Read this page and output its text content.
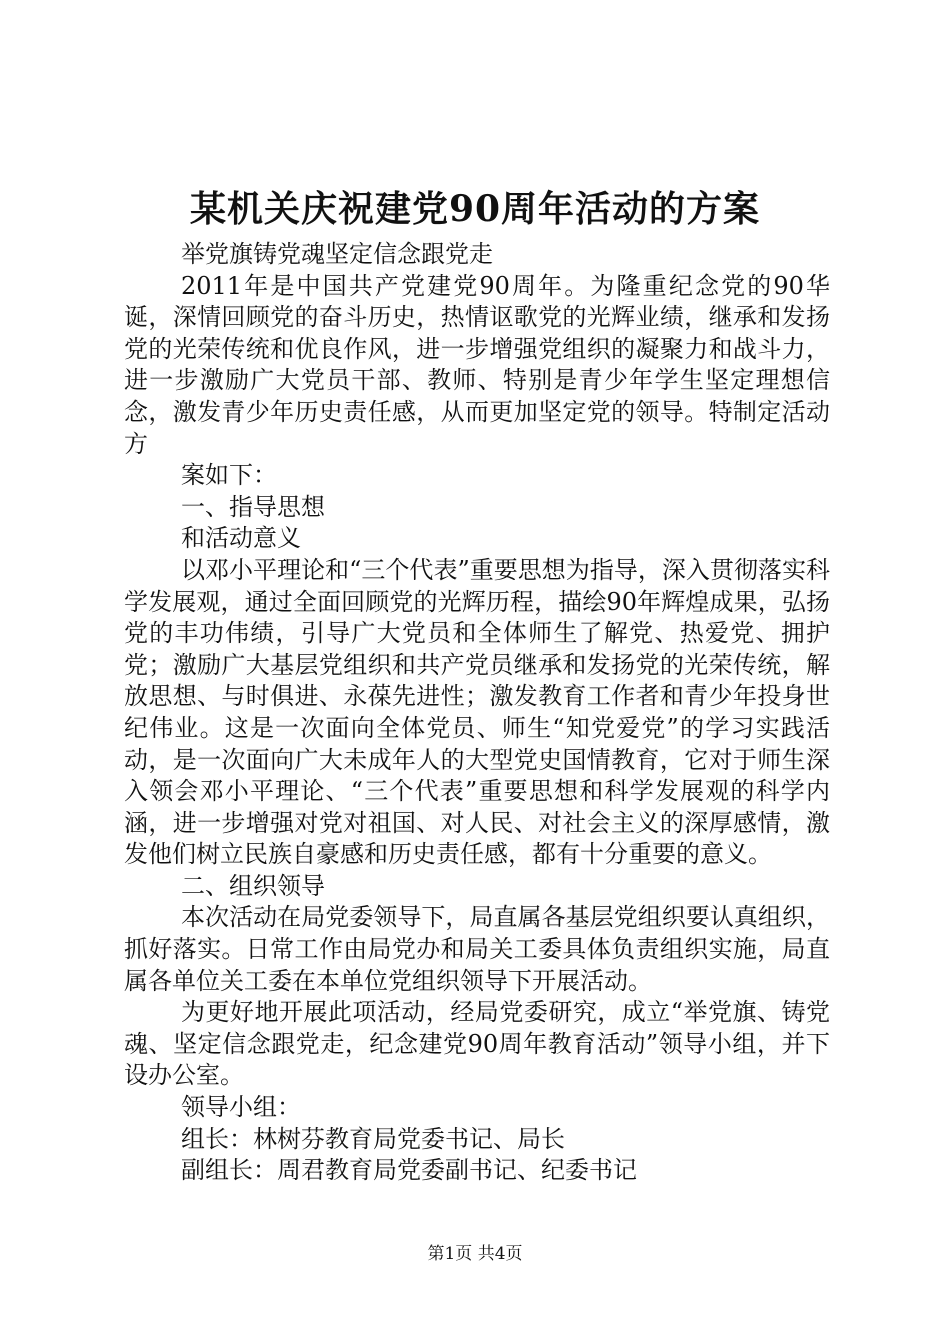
某机关庆祝建党90周年活动的方案

举党旗铸党魂坚定信念跟党走

2011年是中国共产党建党90周年。为隆重纪念党的90华诞，深情回顾党的奋斗历史，热情讴歌党的光辉业绩，继承和发扬党的光荣传统和优良作风，进一步增强党组织的凝聚力和战斗力，进一步激励广大党员干部、教师、特别是青少年学生坚定理想信念，激发青少年历史责任感，从而更加坚定党的领导。特制定活动方

案如下：

一、指导思想

和活动意义

以邓小平理论和“三个代表”重要思想为指导，深入贯彻落实科学发展观，通过全面回顾党的光辉历程，描绘90年辉煌成果，弘扬党的丰功伟绩，引导广大党员和全体师生了解党、热爱党、拥护党；激励广大基层党组织和共产党员继承和发扬党的光荣传统，解放思想、与时俱进、永葆先进性；激发教育工作者和青少年投身世纪伟业。这是一次面向全体党员、师生“知党爱党”的学习实践活动，是一次面向广大未成年人的大型党史国情教育，它对于师生深入领会邓小平理论、“三个代表”重要思想和科学发展观的科学内涵，进一步增强对党对祖国、对人民、对社会主义的深厚感情，激发他们树立民族自豪感和历史责任感，都有十分重要的意义。

二、组织领导

本次活动在局党委领导下，局直属各基层党组织要认真组织，抓好落实。日常工作由局党办和局关工委具体负责组织实施，局直属各单位关工委在本单位党组织领导下开展活动。

为更好地开展此项活动，经局党委研究，成立“举党旗、铸党魂、坚定信念跟党走，纪念建党90周年教育活动”领导小组，并下设办公室。

领导小组：

组长：林树芬教育局党委书记、局长

副组长：周君教育局党委副书记、纪委书记

第1页 共4页
